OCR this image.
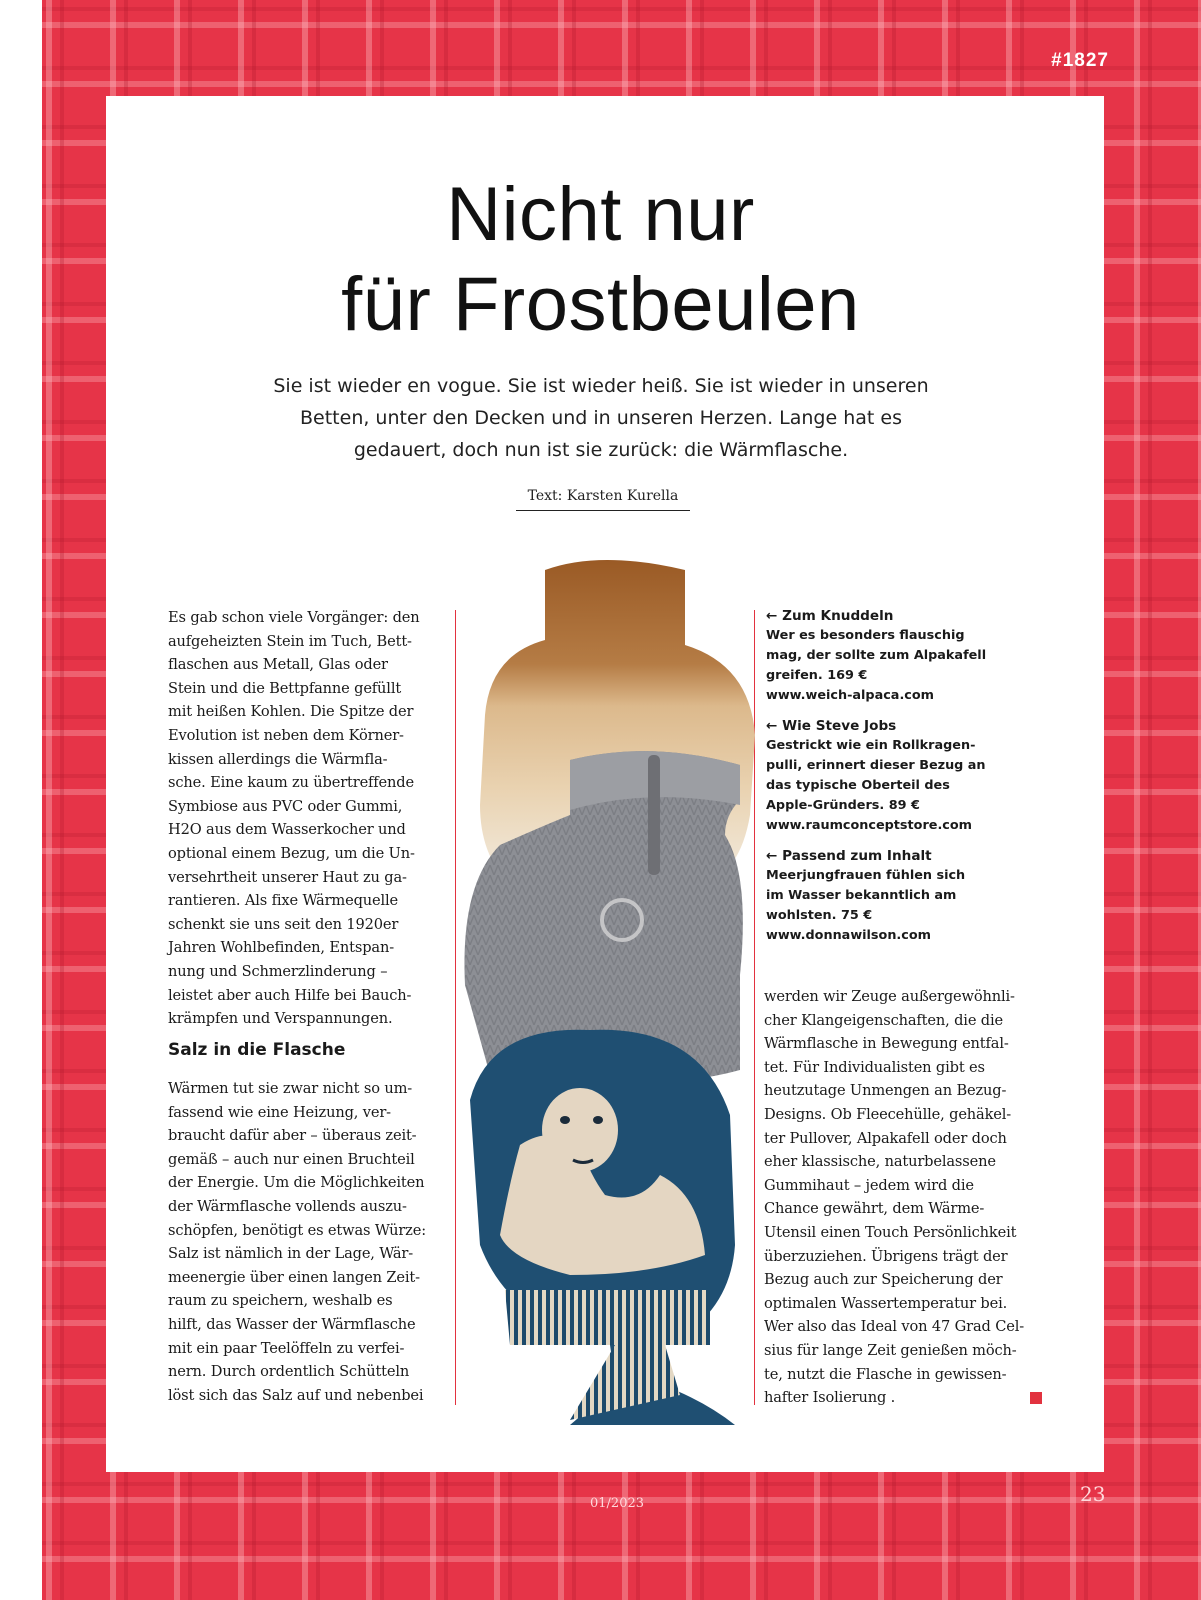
#1827
Nicht nur
für Frostbeulen
Sie ist wieder en vogue. Sie ist wieder heiß. Sie ist wieder in unseren
Betten, unter den Decken und in unseren Herzen. Lange hat es
gedauert, doch nun ist sie zurück: die Wärmflasche.
Text: Karsten Kurella
Es gab schon viele Vorgänger: den
aufgeheizten Stein im Tuch, Bett-
flaschen aus Metall, Glas oder
Stein und die Bettpfanne gefüllt
mit heißen Kohlen. Die Spitze der
Evolution ist neben dem Körner-
kissen allerdings die Wärmfla-
sche. Eine kaum zu übertreffende
Symbiose aus PVC oder Gummi,
H2O aus dem Wasserkocher und
optional einem Bezug, um die Un-
versehrtheit unserer Haut zu ga-
rantieren. Als fixe Wärmequelle
schenkt sie uns seit den 1920er
Jahren Wohlbefinden, Entspan-
nung und Schmerzlinderung –
leistet aber auch Hilfe bei Bauch-
krämpfen und Verspannungen.
Salz in die Flasche
Wärmen tut sie zwar nicht so um-
fassend wie eine Heizung, ver-
braucht dafür aber – überaus zeit-
gemäß – auch nur einen Bruchteil
der Energie. Um die Möglichkeiten
der Wärmflasche vollends auszu-
schöpfen, benötigt es etwas Würze:
Salz ist nämlich in der Lage, Wär-
meenergie über einen langen Zeit-
raum zu speichern, weshalb es
hilft, das Wasser der Wärmflasche
mit ein paar Teelöffeln zu verfei-
nern. Durch ordentlich Schütteln
löst sich das Salz auf und nebenbei
← Zum Knuddeln
Wer es besonders flauschig
mag, der sollte zum Alpakafell
greifen. 169 €
www.weich-alpaca.com
← Wie Steve Jobs
Gestrickt wie ein Rollkragen-
pulli, erinnert dieser Bezug an
das typische Oberteil des
Apple-Gründers. 89 €
www.raumconceptstore.com
← Passend zum Inhalt
Meerjungfrauen fühlen sich
im Wasser bekanntlich am
wohlsten. 75 €
www.donnawilson.com
werden wir Zeuge außergewöhnli-
cher Klangeigenschaften, die die
Wärmflasche in Bewegung entfal-
tet. Für Individualisten gibt es
heutzutage Unmengen an Bezug-
Designs. Ob Fleecehülle, gehäkel-
ter Pullover, Alpakafell oder doch
eher klassische, naturbelassene
Gummihaut – jedem wird die
Chance gewährt, dem Wärme-
Utensil einen Touch Persönlichkeit
überzuziehen. Übrigens trägt der
Bezug auch zur Speicherung der
optimalen Wassertemperatur bei.
Wer also das Ideal von 47 Grad Cel-
sius für lange Zeit genießen möch-
te, nutzt die Flasche in gewissen-
hafter Isolierung .
01/2023	23
